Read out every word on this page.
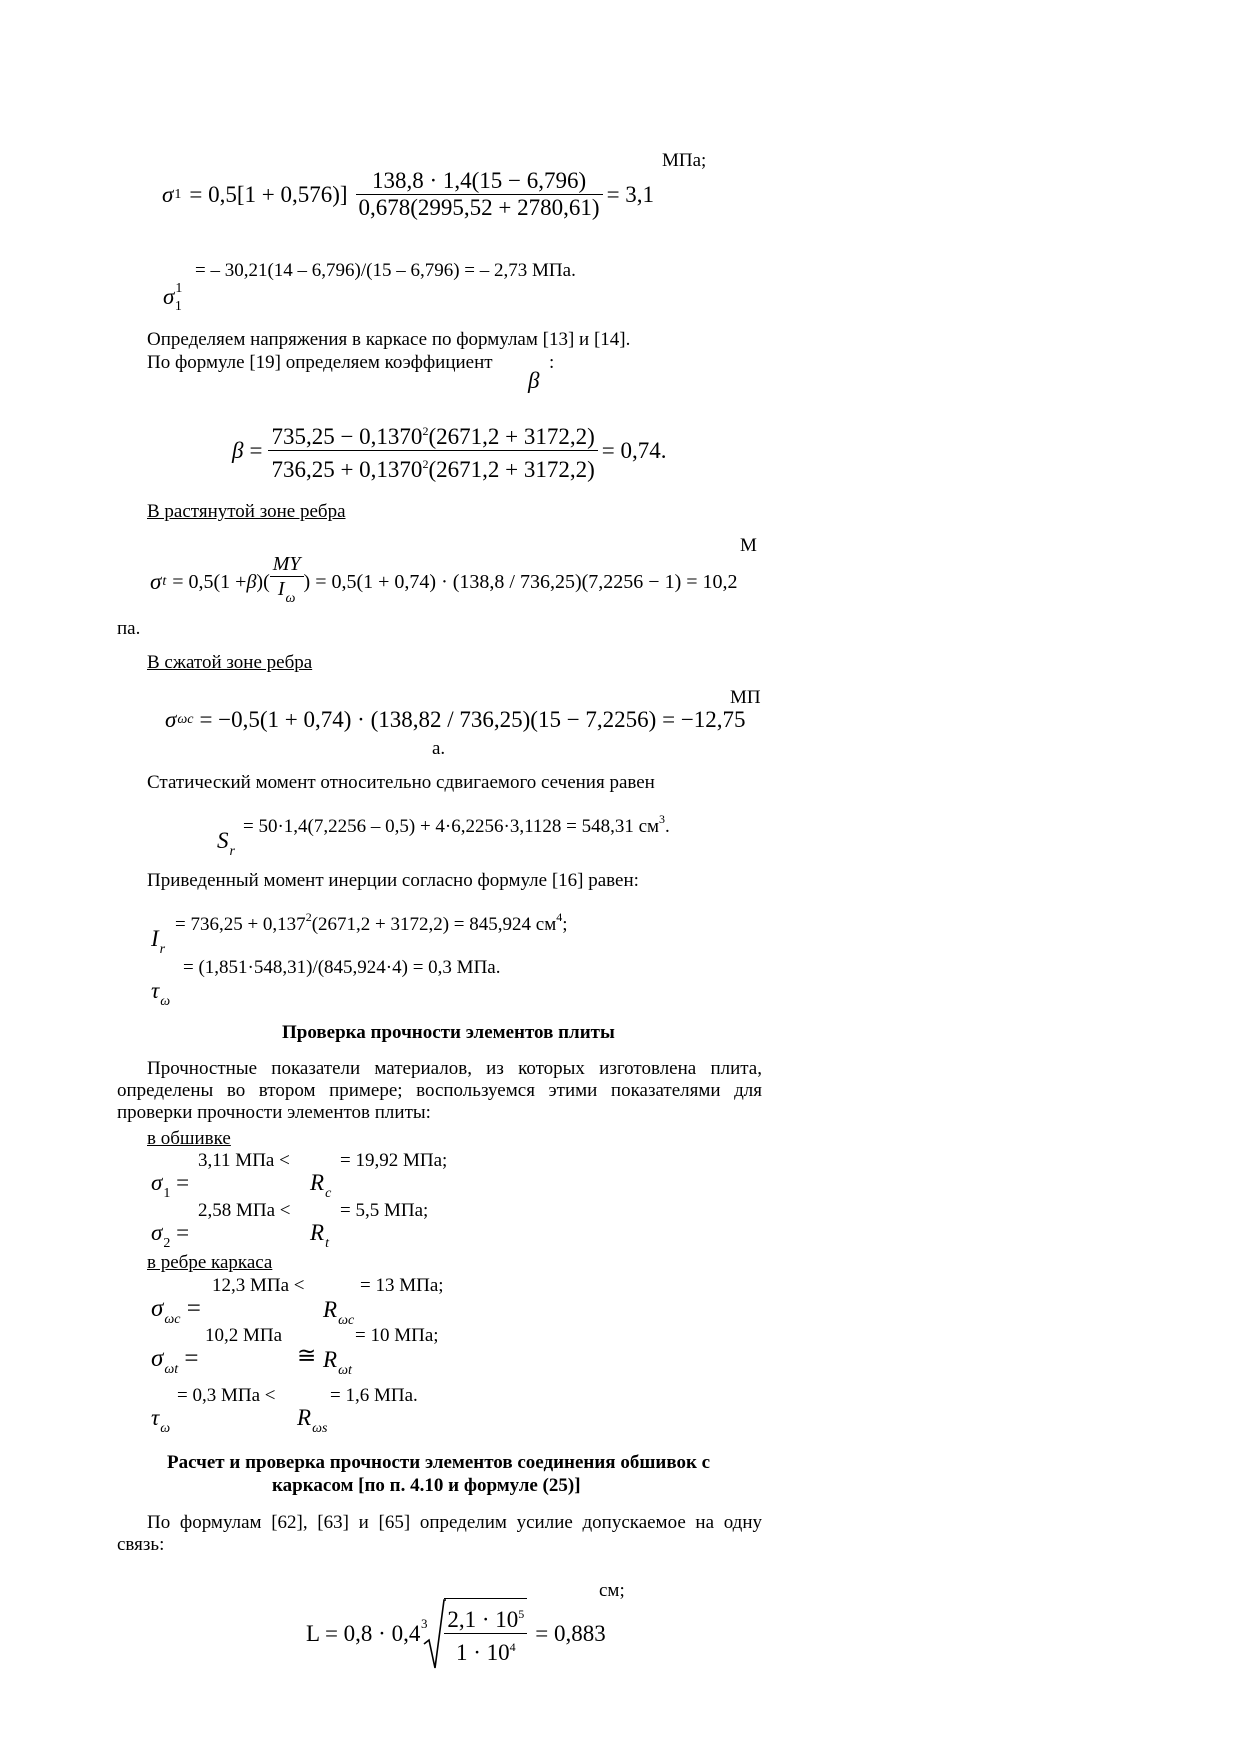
МПа;
σ $1 = 0,5[1 + 0,576)] \frac{138,8 \cdot 1,4(15 - 6,796)}{0,678(2995,52 + 2780,61)} = 3,1$
= – 30,21(14 – 6,796)/(15 – 6,796) = – 2,73 МПа.
$\sigma^1_1$
Определяем напряжения в каркасе по формулам [13] и [14].
По формуле [19] определяем коэффициент	:
β
$\beta = \frac{735,25 - 0,1370^2(2671,2 + 3172,2)}{736,25 + 0,1370^2(2671,2 + 3172,2)} = 0,74$.
В растянутой зоне ребра
М
σ t = 0,5(1 + β )( $\frac{MY}{I_\omega}$ ) = 0,5(1 + 0,74) · (138,8 / 736,25)(7,2256 − 1) = 10,2
па.
В сжатой зоне ребра
МП
σ ωc = −0,5(1 + 0,74) · (138,82 / 736,25)(15 − 7,2256) = −12,75
а.
Статический момент относительно сдвигаемого сечения равен
= 50·1,4(7,2256 – 0,5) + 4·6,2256·3,1128 = 548,31 $см^3$.
$S_r$
Приведенный момент инерции согласно формуле [16] равен:
= $736,25 + 0,137^2(2671,2 + 3172,2) = 845,924$ $см^4$;
$I_r$
= (1,851·548,31)/(845,924·4) = 0,3 МПа.
$\tau_\omega$
Проверка прочности элементов плиты
Прочностные показатели материалов, из которых изготовлена плита, определены во втором примере; воспользуемся этими показателями для проверки прочности элементов плиты:
в обшивке
3,11 МПа <	= 19,92 МПа;
$\sigma_1$ =	$R_c$
2,58 МПа <	= 5,5 МПа;
$\sigma_2$ =	$R_t$
в ребре каркаса
12,3 МПа <	= 13 МПа;
$\sigma_{\omega c}$ =	$R_{\omega c}$
10,2 МПа	= 10 МПа;
$\sigma_{\omega t}$ =	≅ $R_{\omega t}$
= 0,3 МПа <	= 1,6 МПа.
$\tau_\omega$	$R_{\omega s}$
Расчет и проверка прочности элементов соединения обшивок с
каркасом [по п. 4.10 и формуле (25)]
По формулам [62], [63] и [65] определим усилие допускаемое на одну связь:
см;
L = 0,8 · 0,4 $3 \frac{2,1 \cdot 10^5}{1 \cdot 10^4} = 0,883$
